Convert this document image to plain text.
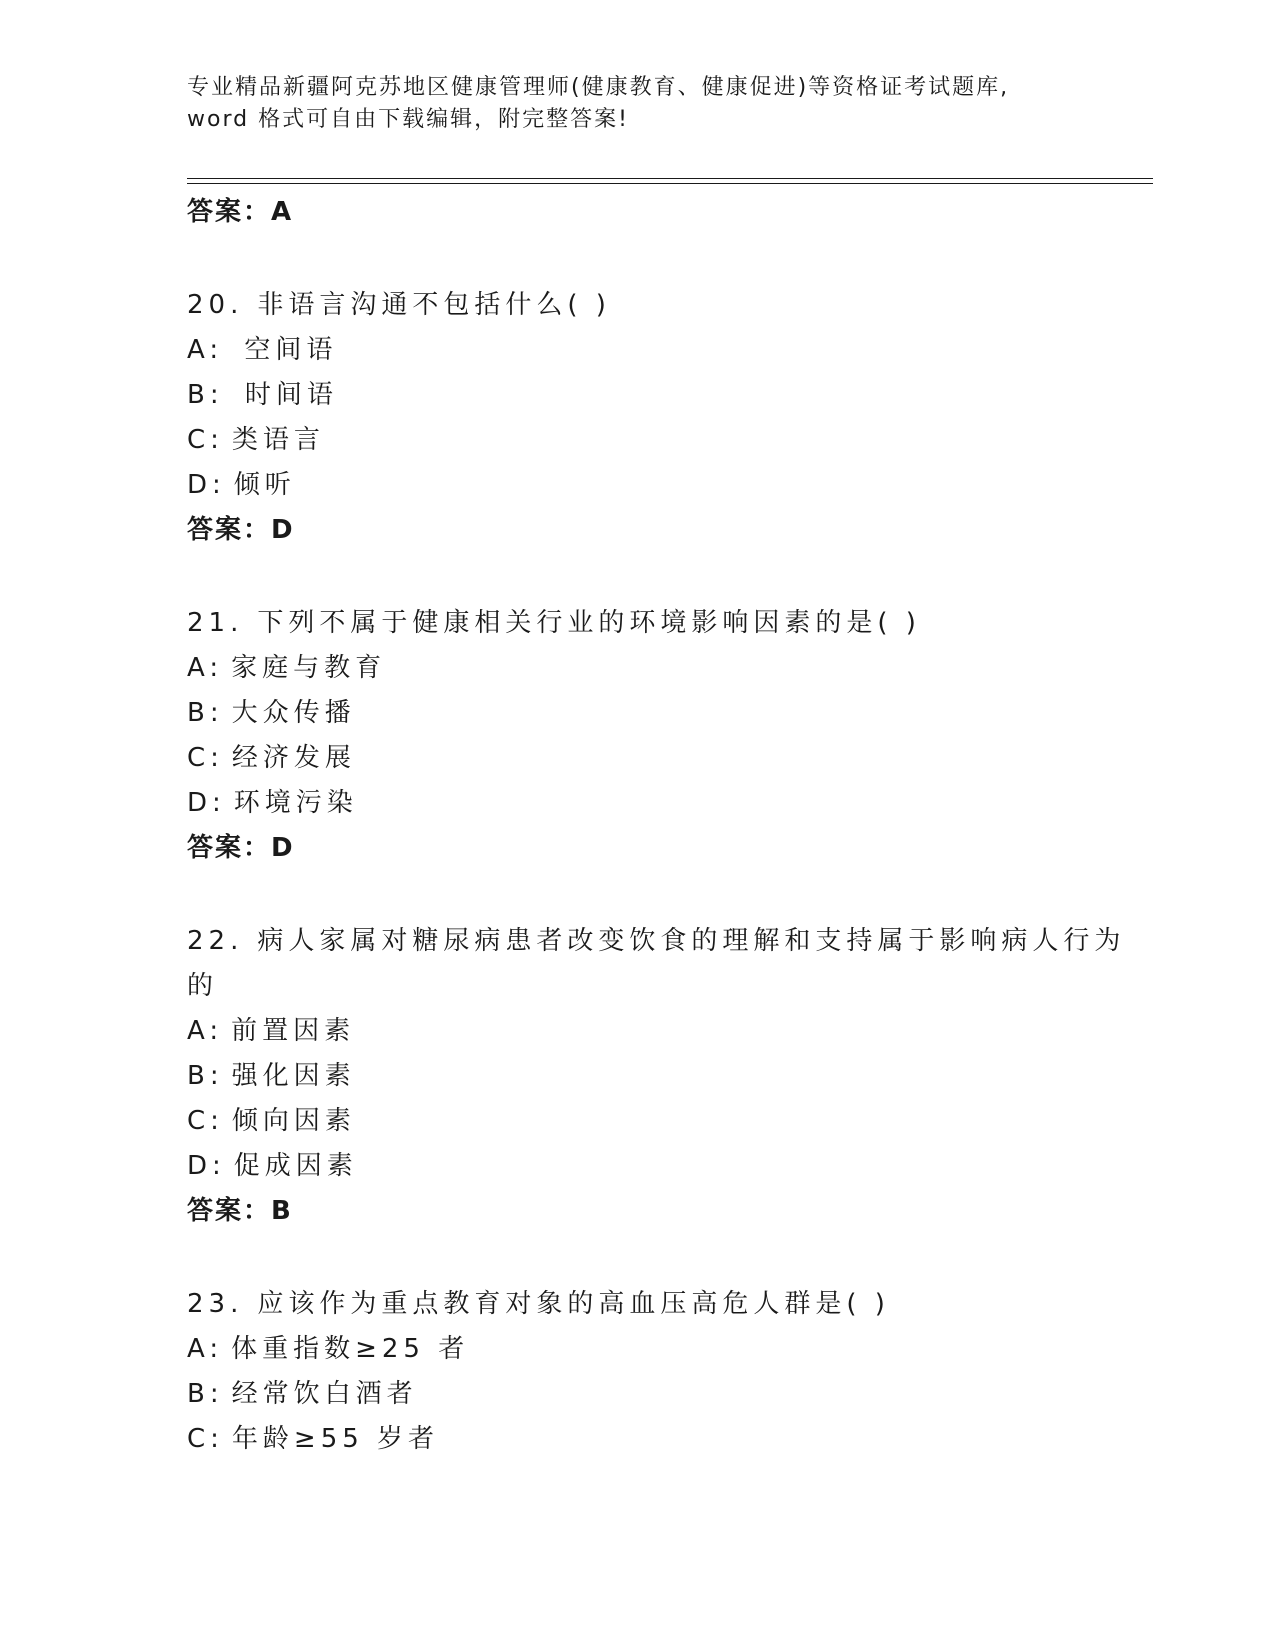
专业精品新疆阿克苏地区健康管理师(健康教育、健康促进)等资格证考试题库,
word 格式可自由下载编辑，附完整答案!
答案：A
20. 非语言沟通不包括什么( )
A: 空间语
B: 时间语
C: 类语言
D: 倾听
答案：D
21. 下列不属于健康相关行业的环境影响因素的是( )
A: 家庭与教育
B: 大众传播
C: 经济发展
D: 环境污染
答案：D
22. 病人家属对糖尿病患者改变饮食的理解和支持属于影响病人行为
的
A: 前置因素
B: 强化因素
C: 倾向因素
D: 促成因素
答案：B
23. 应该作为重点教育对象的高血压高危人群是( )
A: 体重指数≥25 者
B: 经常饮白酒者
C: 年龄≥55 岁者
